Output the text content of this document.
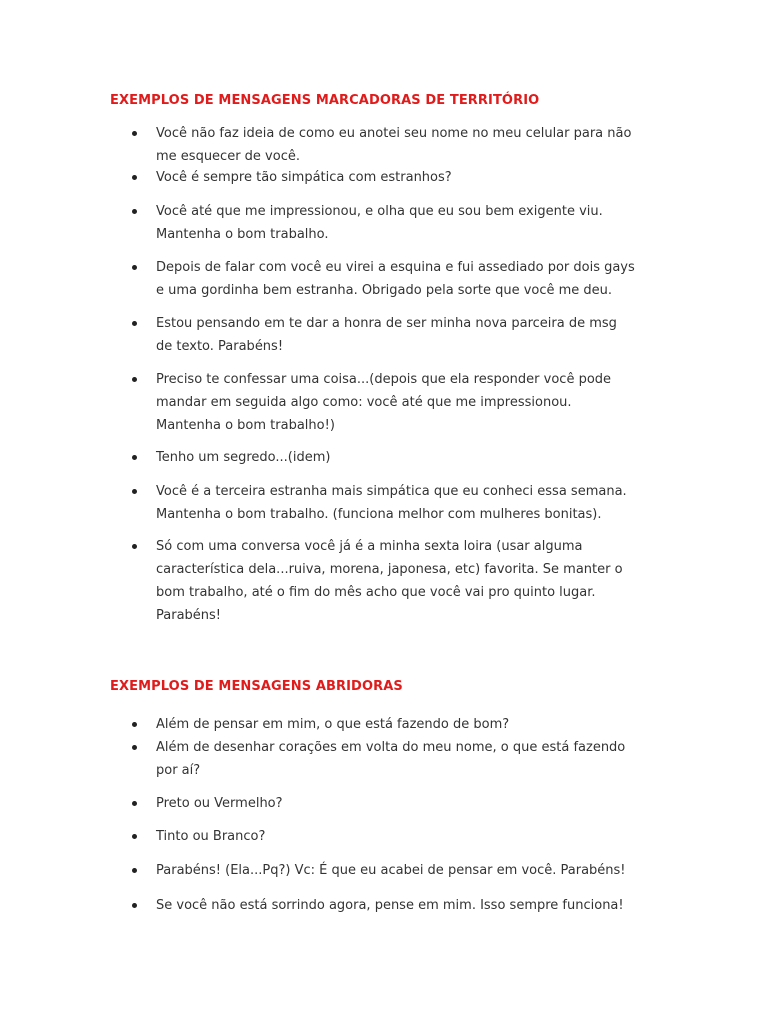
EXEMPLOS DE MENSAGENS MARCADORAS DE TERRITÓRIO
Você não faz ideia de como eu anotei seu nome no meu celular para não
me esquecer de você.
Você é sempre tão simpática com estranhos?
Você até que me impressionou, e olha que eu sou bem exigente viu.
Mantenha o bom trabalho.
Depois de falar com você eu virei a esquina e fui assediado por dois gays
e uma gordinha bem estranha. Obrigado pela sorte que você me deu.
Estou pensando em te dar a honra de ser minha nova parceira de msg
de texto. Parabéns!
Preciso te confessar uma coisa...(depois que ela responder você pode
mandar em seguida algo como: você até que me impressionou.
Mantenha o bom trabalho!)
Tenho um segredo...(idem)
Você é a terceira estranha mais simpática que eu conheci essa semana.
Mantenha o bom trabalho. (funciona melhor com mulheres bonitas).
Só com uma conversa você já é a minha sexta loira (usar alguma
característica dela...ruiva, morena, japonesa, etc) favorita. Se manter o
bom trabalho, até o fim do mês acho que você vai pro quinto lugar.
Parabéns!
EXEMPLOS DE MENSAGENS ABRIDORAS
Além de pensar em mim, o que está fazendo de bom?
Além de desenhar corações em volta do meu nome, o que está fazendo
por aí?
Preto ou Vermelho?
Tinto ou Branco?
Parabéns! (Ela...Pq?) Vc: É que eu acabei de pensar em você. Parabéns!
Se você não está sorrindo agora, pense em mim. Isso sempre funciona!
